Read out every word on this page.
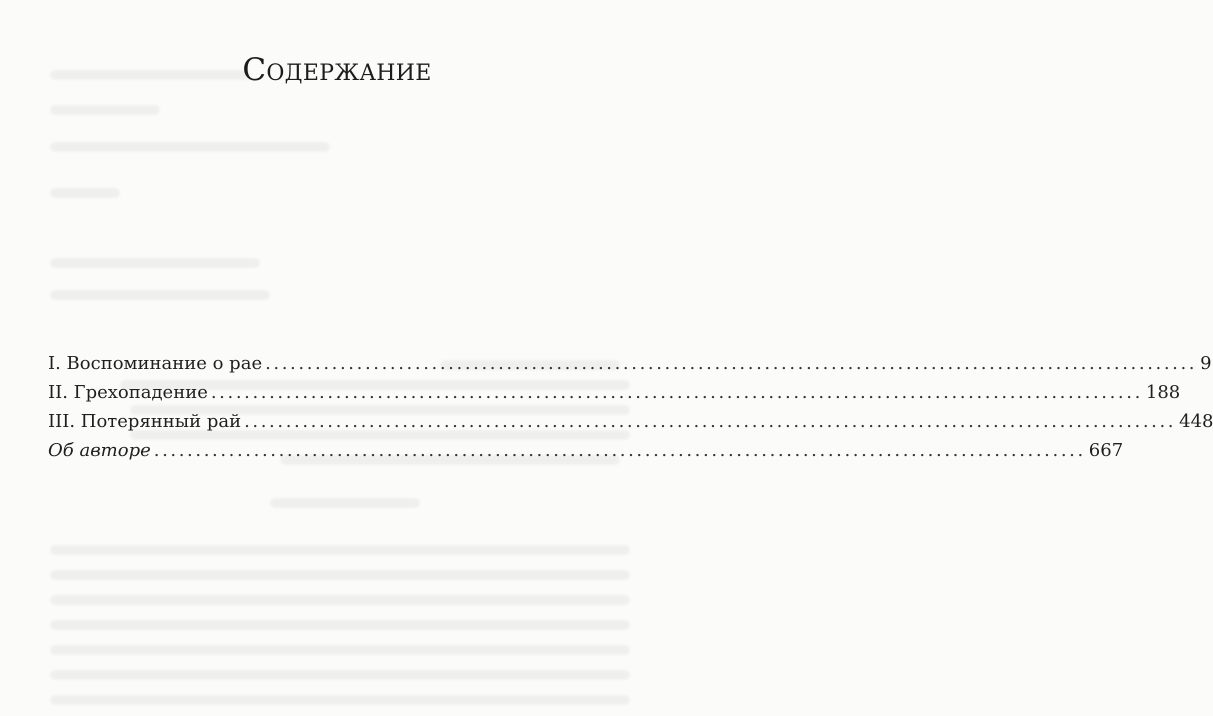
Содержание
I. Воспоминание о рае ................................................................................................................ 9
II. Грехопадение ................................................................................................................ 188
III. Потерянный рай ................................................................................................................ 448
Об авторе ................................................................................................................ 667
